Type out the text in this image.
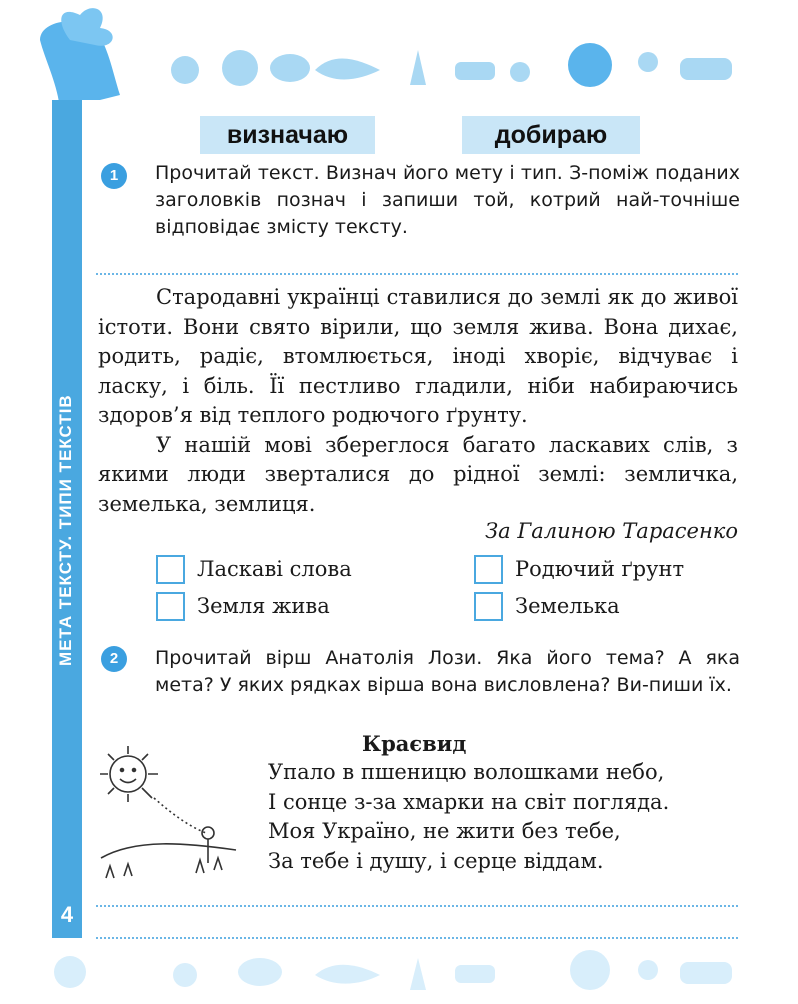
МЕТА ТЕКСТУ. ТИПИ ТЕКСТІВ
4
визначаю	добираю
1	Прочитай текст. Визнач його мету і тип. З-поміж поданих заголовків познач і запиши той, котрий най-точніше відповідає змісту тексту.

Стародавні українці ставилися до землі як до живої істоти. Вони свято вірили, що земля жива. Вона дихає, родить, радіє, втомлюється, іноді хворіє, відчуває і ласку, і біль. Її пестливо гладили, ніби набираючись здоров’я від теплого родючого ґрунту.

У нашій мові збереглося багато ласкавих слів, з якими люди зверталися до рідної землі: земличка, земелька, землиця.

За Галиною Тарасенко
Ласкаві слова	Родючий ґрунт
Земля жива	Земелька
2	Прочитай вірш Анатолія Лози. Яка його тема? А яка мета? У яких рядках вірша вона висловлена? Ви-пиши їх.
Краєвид
Упало в пшеницю волошками небо,
І сонце з-за хмарки на світ погляда.
Моя Україно, не жити без тебе,
За тебе і душу, і серце віддам.
